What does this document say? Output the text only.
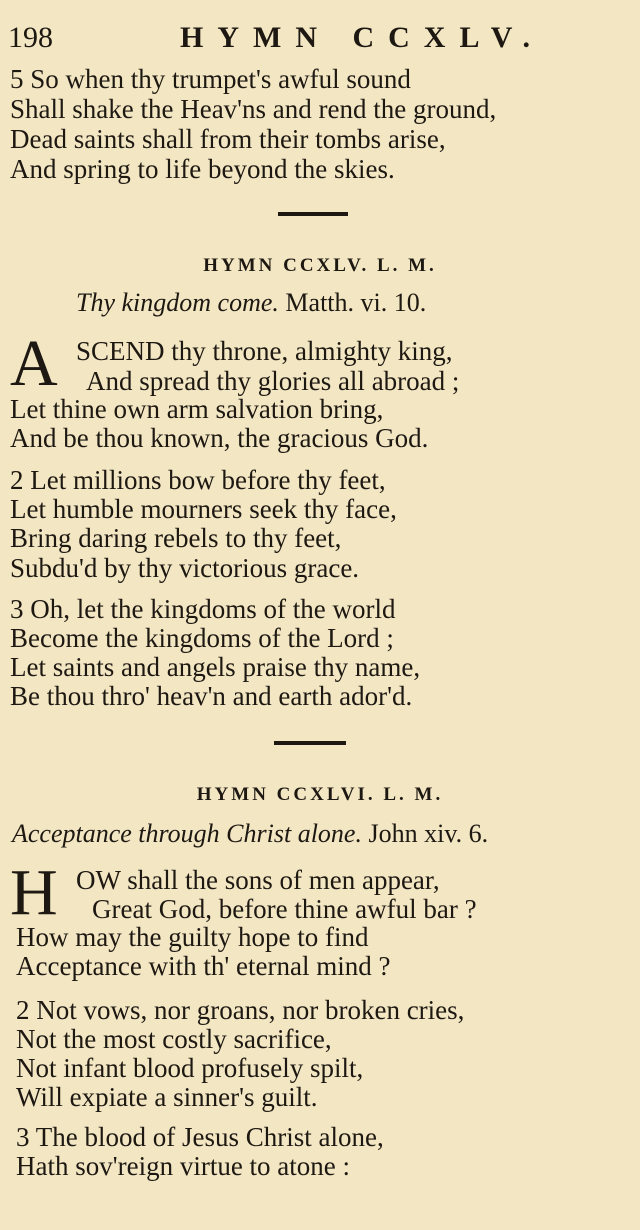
198	HYMN CCXLV.
5 So when thy trumpet's awful sound
Shall shake the Heav'ns and rend the ground,
Dead saints shall from their tombs arise,
And spring to life beyond the skies.
HYMN CCXLV. L. M.
Thy kingdom come. Matth. vi. 10.
A SCEND thy throne, almighty king,
And spread thy glories all abroad ;
Let thine own arm salvation bring,
And be thou known, the gracious God.
2 Let millions bow before thy feet,
Let humble mourners seek thy face,
Bring daring rebels to thy feet,
Subdu'd by thy victorious grace.
3 Oh, let the kingdoms of the world
Become the kingdoms of the Lord ;
Let saints and angels praise thy name,
Be thou thro' heav'n and earth ador'd.
HYMN CCXLVI. L. M.
Acceptance through Christ alone. John xiv. 6.
H OW shall the sons of men appear,
Great God, before thine awful bar ?
How may the guilty hope to find
Acceptance with th' eternal mind ?
2 Not vows, nor groans, nor broken cries,
Not the most costly sacrifice,
Not infant blood profusely spilt,
Will expiate a sinner's guilt.
3 The blood of Jesus Christ alone,
Hath sov'reign virtue to atone :
